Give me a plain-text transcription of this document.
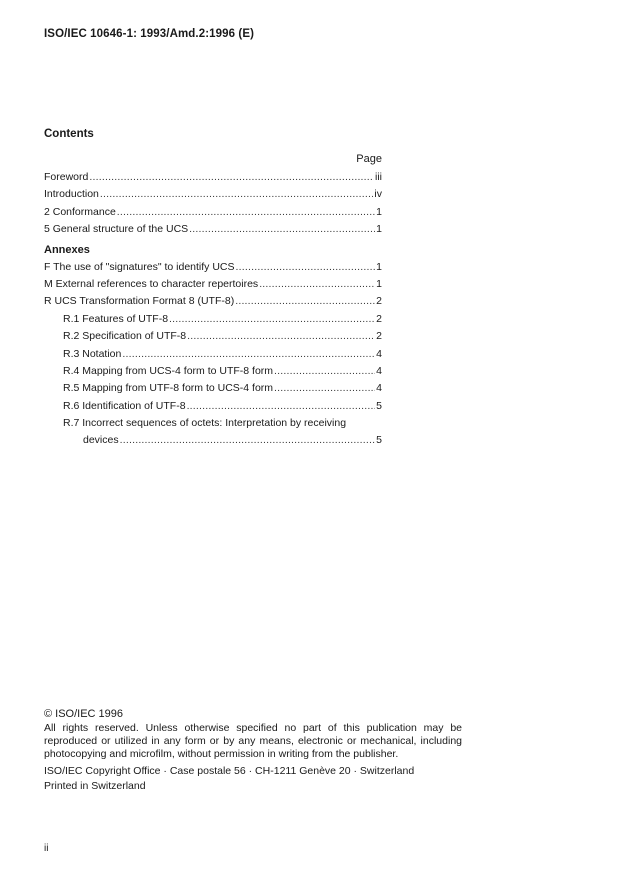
ISO/IEC 10646-1: 1993/Amd.2:1996 (E)
Contents
Page
Foreword .....	iii
Introduction .....	iv
2 Conformance .....	1
5 General structure of the UCS .....	1
Annexes
F The use of "signatures" to identify UCS .....	1
M External references to character repertoires .....	1
R UCS Transformation Format 8 (UTF-8) .....	2
R.1 Features of UTF-8 .....	2
R.2 Specification of UTF-8 .....	2
R.3 Notation .....	4
R.4 Mapping from UCS-4 form to UTF-8 form .....	4
R.5 Mapping from UTF-8 form to UCS-4 form .....	4
R.6 Identification of UTF-8 .....	5
R.7 Incorrect sequences of octets: Interpretation by receiving
devices .....	5
© ISO/IEC 1996
All rights reserved. Unless otherwise specified no part of this publication may be reproduced or utilized in any form or by any means, electronic or mechanical, including photocopying and microfilm, without permission in writing from the publisher.
ISO/IEC Copyright Office · Case postale 56 · CH-1211 Genève 20 · Switzerland
Printed in Switzerland
ii
